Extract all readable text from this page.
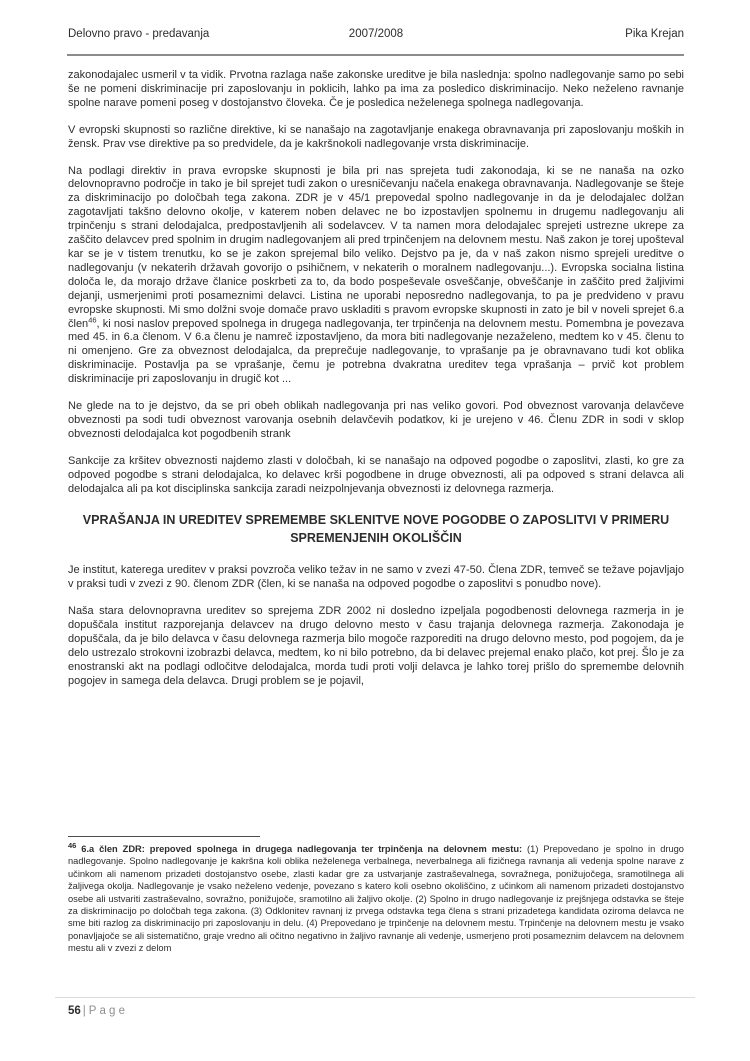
Delovno pravo - predavanja	2007/2008	Pika Krejan

zakonodajalec usmeril v ta vidik. Prvotna razlaga naše zakonske ureditve je bila naslednja: spolno nadlegovanje samo po sebi še ne pomeni diskriminacije pri zaposlovanju in poklicih, lahko pa ima za posledico diskriminacijo. Neko neželeno ravnanje spolne narave pomeni poseg v dostojanstvo človeka. Če je posledica neželenega spolnega nadlegovanja.

V evropski skupnosti so različne direktive, ki se nanašajo na zagotavljanje enakega obravnavanja pri zaposlovanju moških in žensk. Prav vse direktive pa so predvidele, da je kakršnokoli nadlegovanje vrsta diskriminacije.

Na podlagi direktiv in prava evropske skupnosti je bila pri nas sprejeta tudi zakonodaja, ki se ne nanaša na ozko delovnopravno področje in tako je bil sprejet tudi zakon o uresničevanju načela enakega obravnavanja. Nadlegovanje se šteje za diskriminacijo po določbah tega zakona. ZDR je v 45/1 prepovedal spolno nadlegovanje in da je delodajalec dolžan zagotavljati takšno delovno okolje, v katerem noben delavec ne bo izpostavljen spolnemu in drugemu nadlegovanju ali trpinčenju s strani delodajalca, predpostavljenih ali sodelavcev. V ta namen mora delodajalec sprejeti ustrezne ukrepe za zaščito delavcev pred spolnim in drugim nadlegovanjem ali pred trpinčenjem na delovnem mestu. Naš zakon je torej upošteval kar se je v tistem trenutku, ko se je zakon sprejemal bilo veliko. Dejstvo pa je, da v naš zakon nismo sprejeli ureditve o nadlegovanju (v nekaterih državah govorijo o psihičnem, v nekaterih o moralnem nadlegovanju...). Evropska socialna listina določa le, da morajo države članice poskrbeti za to, da bodo pospeševale osveščanje, obveščanje in zaščito pred žaljivimi dejanji, usmerjenimi proti posameznimi delavci. Listina ne uporabi neposredno nadlegovanja, to pa je predvideno v pravu evropske skupnosti. Mi smo dolžni svoje domače pravo uskladiti s pravom evropske skupnosti in zato je bil v noveli sprejet 6.a člen$^{46}$, ki nosi naslov prepoved spolnega in drugega nadlegovanja, ter trpinčenja na delovnem mestu. Pomembna je povezava med 45. in 6.a členom. V 6.a členu je namreč izpostavljeno, da mora biti nadlegovanje nezaželeno, medtem ko v 45. členu to ni omenjeno. Gre za obveznost delodajalca, da preprečuje nadlegovanje, to vprašanje pa je obravnavano tudi kot oblika diskriminacije. Postavlja pa se vprašanje, čemu je potrebna dvakratna ureditev tega vprašanja – prvič kot problem diskriminacije pri zaposlovanju in drugič kot ...

Ne glede na to je dejstvo, da se pri obeh oblikah nadlegovanja pri nas veliko govori. Pod obveznost varovanja delavčeve obveznosti pa sodi tudi obveznost varovanja osebnih delavčevih podatkov, ki je urejeno v 46. Členu ZDR in sodi v sklop obveznosti delodajalca kot pogodbenih strank

Sankcije za kršitev obveznosti najdemo zlasti v določbah, ki se nanašajo na odpoved pogodbe o zaposlitvi, zlasti, ko gre za odpoved pogodbe s strani delodajalca, ko delavec krši pogodbene in druge obveznosti, ali pa odpoved s strani delavca ali delodajalca ali pa kot disciplinska sankcija zaradi neizpolnjevanja obveznosti iz delovnega razmerja.

VPRAŠANJA IN UREDITEV SPREMEMBE SKLENITVE NOVE POGODBE O ZAPOSLITVI V PRIMERU SPREMENJENIH OKOLIŠČIN

Je institut, katerega ureditev v praksi povzroča veliko težav in ne samo v zvezi 47-50. Člena ZDR, temveč se težave pojavljajo v praksi tudi v zvezi z 90. členom ZDR (člen, ki se nanaša na odpoved pogodbe o zaposlitvi s ponudbo nove).

Naša stara delovnopravna ureditev so sprejema ZDR 2002 ni dosledno izpeljala pogodbenosti delovnega razmerja in je dopuščala institut razporejanja delavcev na drugo delovno mesto v času trajanja delovnega razmerja. Zakonodaja je dopuščala, da je bilo delavca v času delovnega razmerja bilo mogoče razporediti na drugo delovno mesto, pod pogojem, da je delo ustrezalo strokovni izobrazbi delavca, medtem, ko ni bilo potrebno, da bi delavec prejemal enako plačo, kot prej. Šlo je za enostranski akt na podlagi odločitve delodajalca, morda tudi proti volji delavca je lahko torej prišlo do spremembe delovnih pogojev in samega dela delavca. Drugi problem se je pojavil,

$^{46}$ 6.a člen ZDR: prepoved spolnega in drugega nadlegovanja ter trpinčenja na delovnem mestu: (1) Prepovedano je spolno in drugo nadlegovanje. Spolno nadlegovanje je kakršna koli oblika neželenega verbalnega, neverbalnega ali fizičnega ravnanja ali vedenja spolne narave z učinkom ali namenom prizadeti dostojanstvo osebe, zlasti kadar gre za ustvarjanje zastraševalnega, sovražnega, ponižujočega, sramotilnega ali žaljivega okolja. Nadlegovanje je vsako neželeno vedenje, povezano s katero koli osebno okoliščino, z učinkom ali namenom prizadeti dostojanstvo osebe ali ustvariti zastraševalno, sovražno, ponižujoče, sramotilno ali žaljivo okolje. (2) Spolno in drugo nadlegovanje iz prejšnjega odstavka se šteje za diskriminacijo po določbah tega zakona. (3) Odklonitev ravnanj iz prvega odstavka tega člena s strani prizadetega kandidata oziroma delavca ne sme biti razlog za diskriminacijo pri zaposlovanju in delu. (4) Prepovedano je trpinčenje na delovnem mestu. Trpinčenje na delovnem mestu je vsako ponavljajoče se ali sistematično, graje vredno ali očitno negativno in žaljivo ravnanje ali vedenje, usmerjeno proti posameznim delavcem na delovnem mestu ali v zvezi z delom
56 | P a g e
